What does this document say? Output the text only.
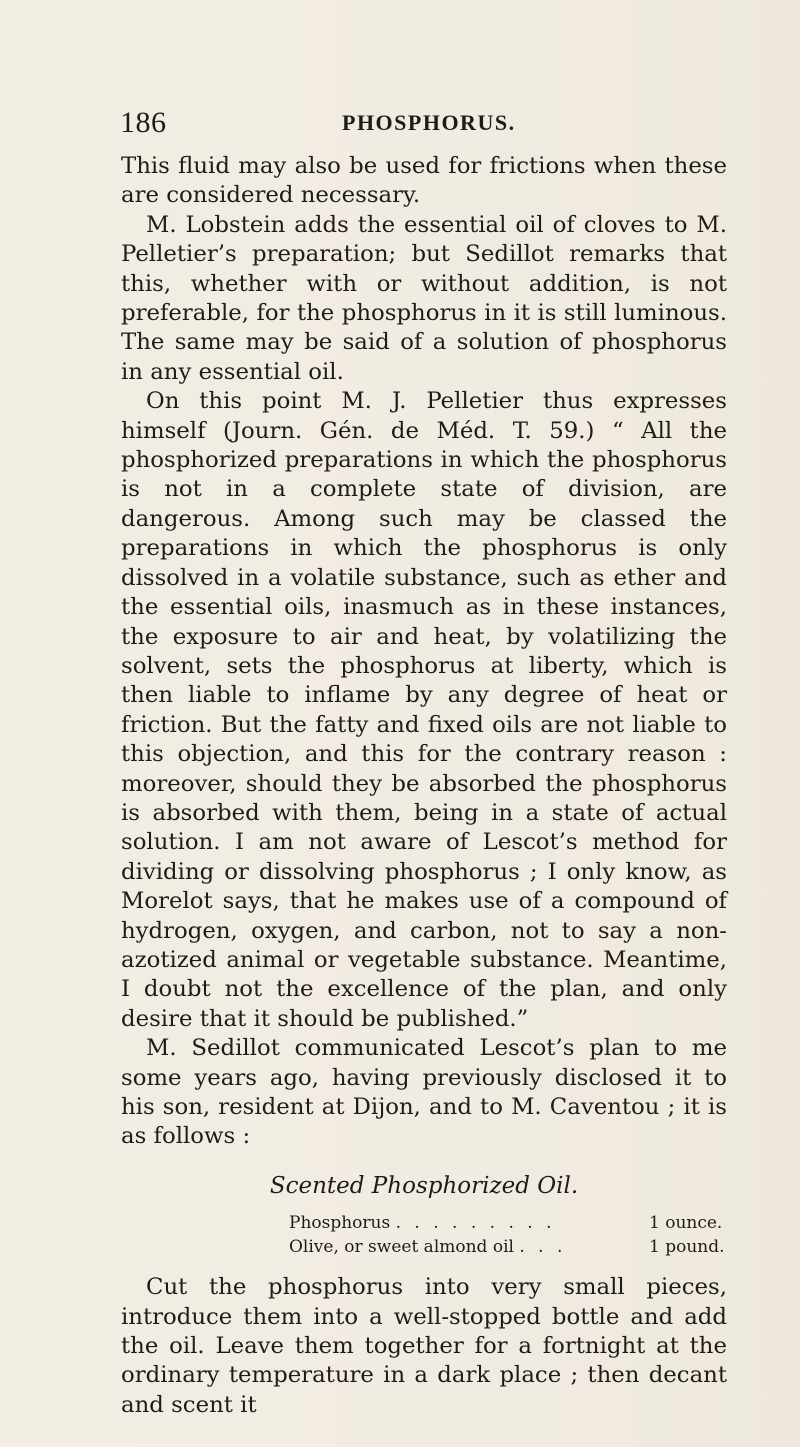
186	PHOSPHORUS.

This fluid may also be used for frictions when these are considered necessary.

M. Lobstein adds the essential oil of cloves to M. Pelletier’s preparation; but Sedillot remarks that this, whether with or without addition, is not preferable, for the phosphorus in it is still luminous. The same may be said of a solution of phosphorus in any essential oil.

On this point M. J. Pelletier thus expresses himself (Journ. Gén. de Méd. T. 59.) “ All the phosphorized preparations in which the phosphorus is not in a complete state of division, are dangerous. Among such may be classed the preparations in which the phosphorus is only dissolved in a volatile substance, such as ether and the essential oils, inasmuch as in these instances, the exposure to air and heat, by volatilizing the solvent, sets the phosphorus at liberty, which is then liable to inflame by any degree of heat or friction. But the fatty and fixed oils are not liable to this objection, and this for the contrary reason : moreover, should they be absorbed the phosphorus is absorbed with them, being in a state of actual solution. I am not aware of Lescot’s method for dividing or dissolving phosphorus ; I only know, as Morelot says, that he makes use of a compound of hydrogen, oxygen, and carbon, not to say a non-azotized animal or vegetable substance. Meantime, I doubt not the excellence of the plan, and only desire that it should be published.”

M. Sedillot communicated Lescot’s plan to me some years ago, having previously disclosed it to his son, resident at Dijon, and to M. Caventou ; it is as follows :

Scented Phosphorized Oil.
Phosphorus . . . . . . . . .	1 ounce.
Olive, or sweet almond oil . . .	1 pound.

Cut the phosphorus into very small pieces, introduce them into a well-stopped bottle and add the oil. Leave them together for a fortnight at the ordinary temperature in a dark place ; then decant and scent it
